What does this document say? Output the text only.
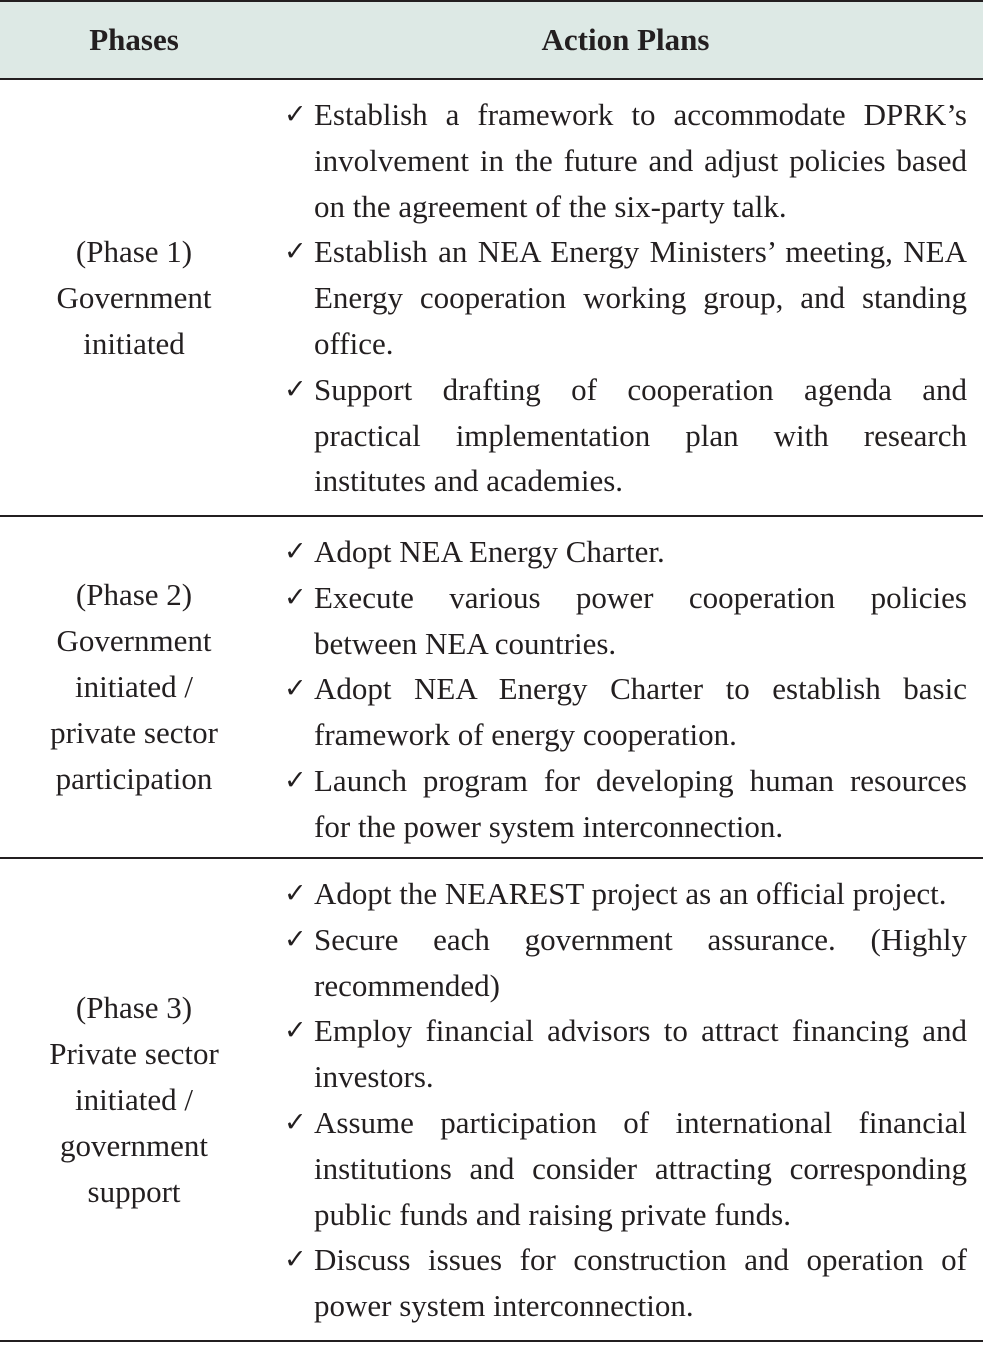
Phases	Action Plans
(Phase 1)
Government
initiated
✓ Establish a framework to accommodate DPRK’s involvement in the future and adjust policies based on the agreement of the six-party talk.
✓ Establish an NEA Energy Ministers’ meeting, NEA Energy cooperation working group, and standing office.
✓ Support drafting of cooperation agenda and practical implementation plan with research institutes and academies.
(Phase 2)
Government
initiated /
private sector
participation
✓ Adopt NEA Energy Charter.
✓ Execute various power cooperation policies between NEA countries.
✓ Adopt NEA Energy Charter to establish basic framework of energy cooperation.
✓ Launch program for developing human resources for the power system interconnection.
(Phase 3)
Private sector
initiated /
government
support
✓ Adopt the NEAREST project as an official project.
✓ Secure each government assurance. (Highly recommended)
✓ Employ financial advisors to attract financing and investors.
✓ Assume participation of international financial institutions and consider attracting corresponding public funds and raising private funds.
✓ Discuss issues for construction and operation of power system interconnection.
